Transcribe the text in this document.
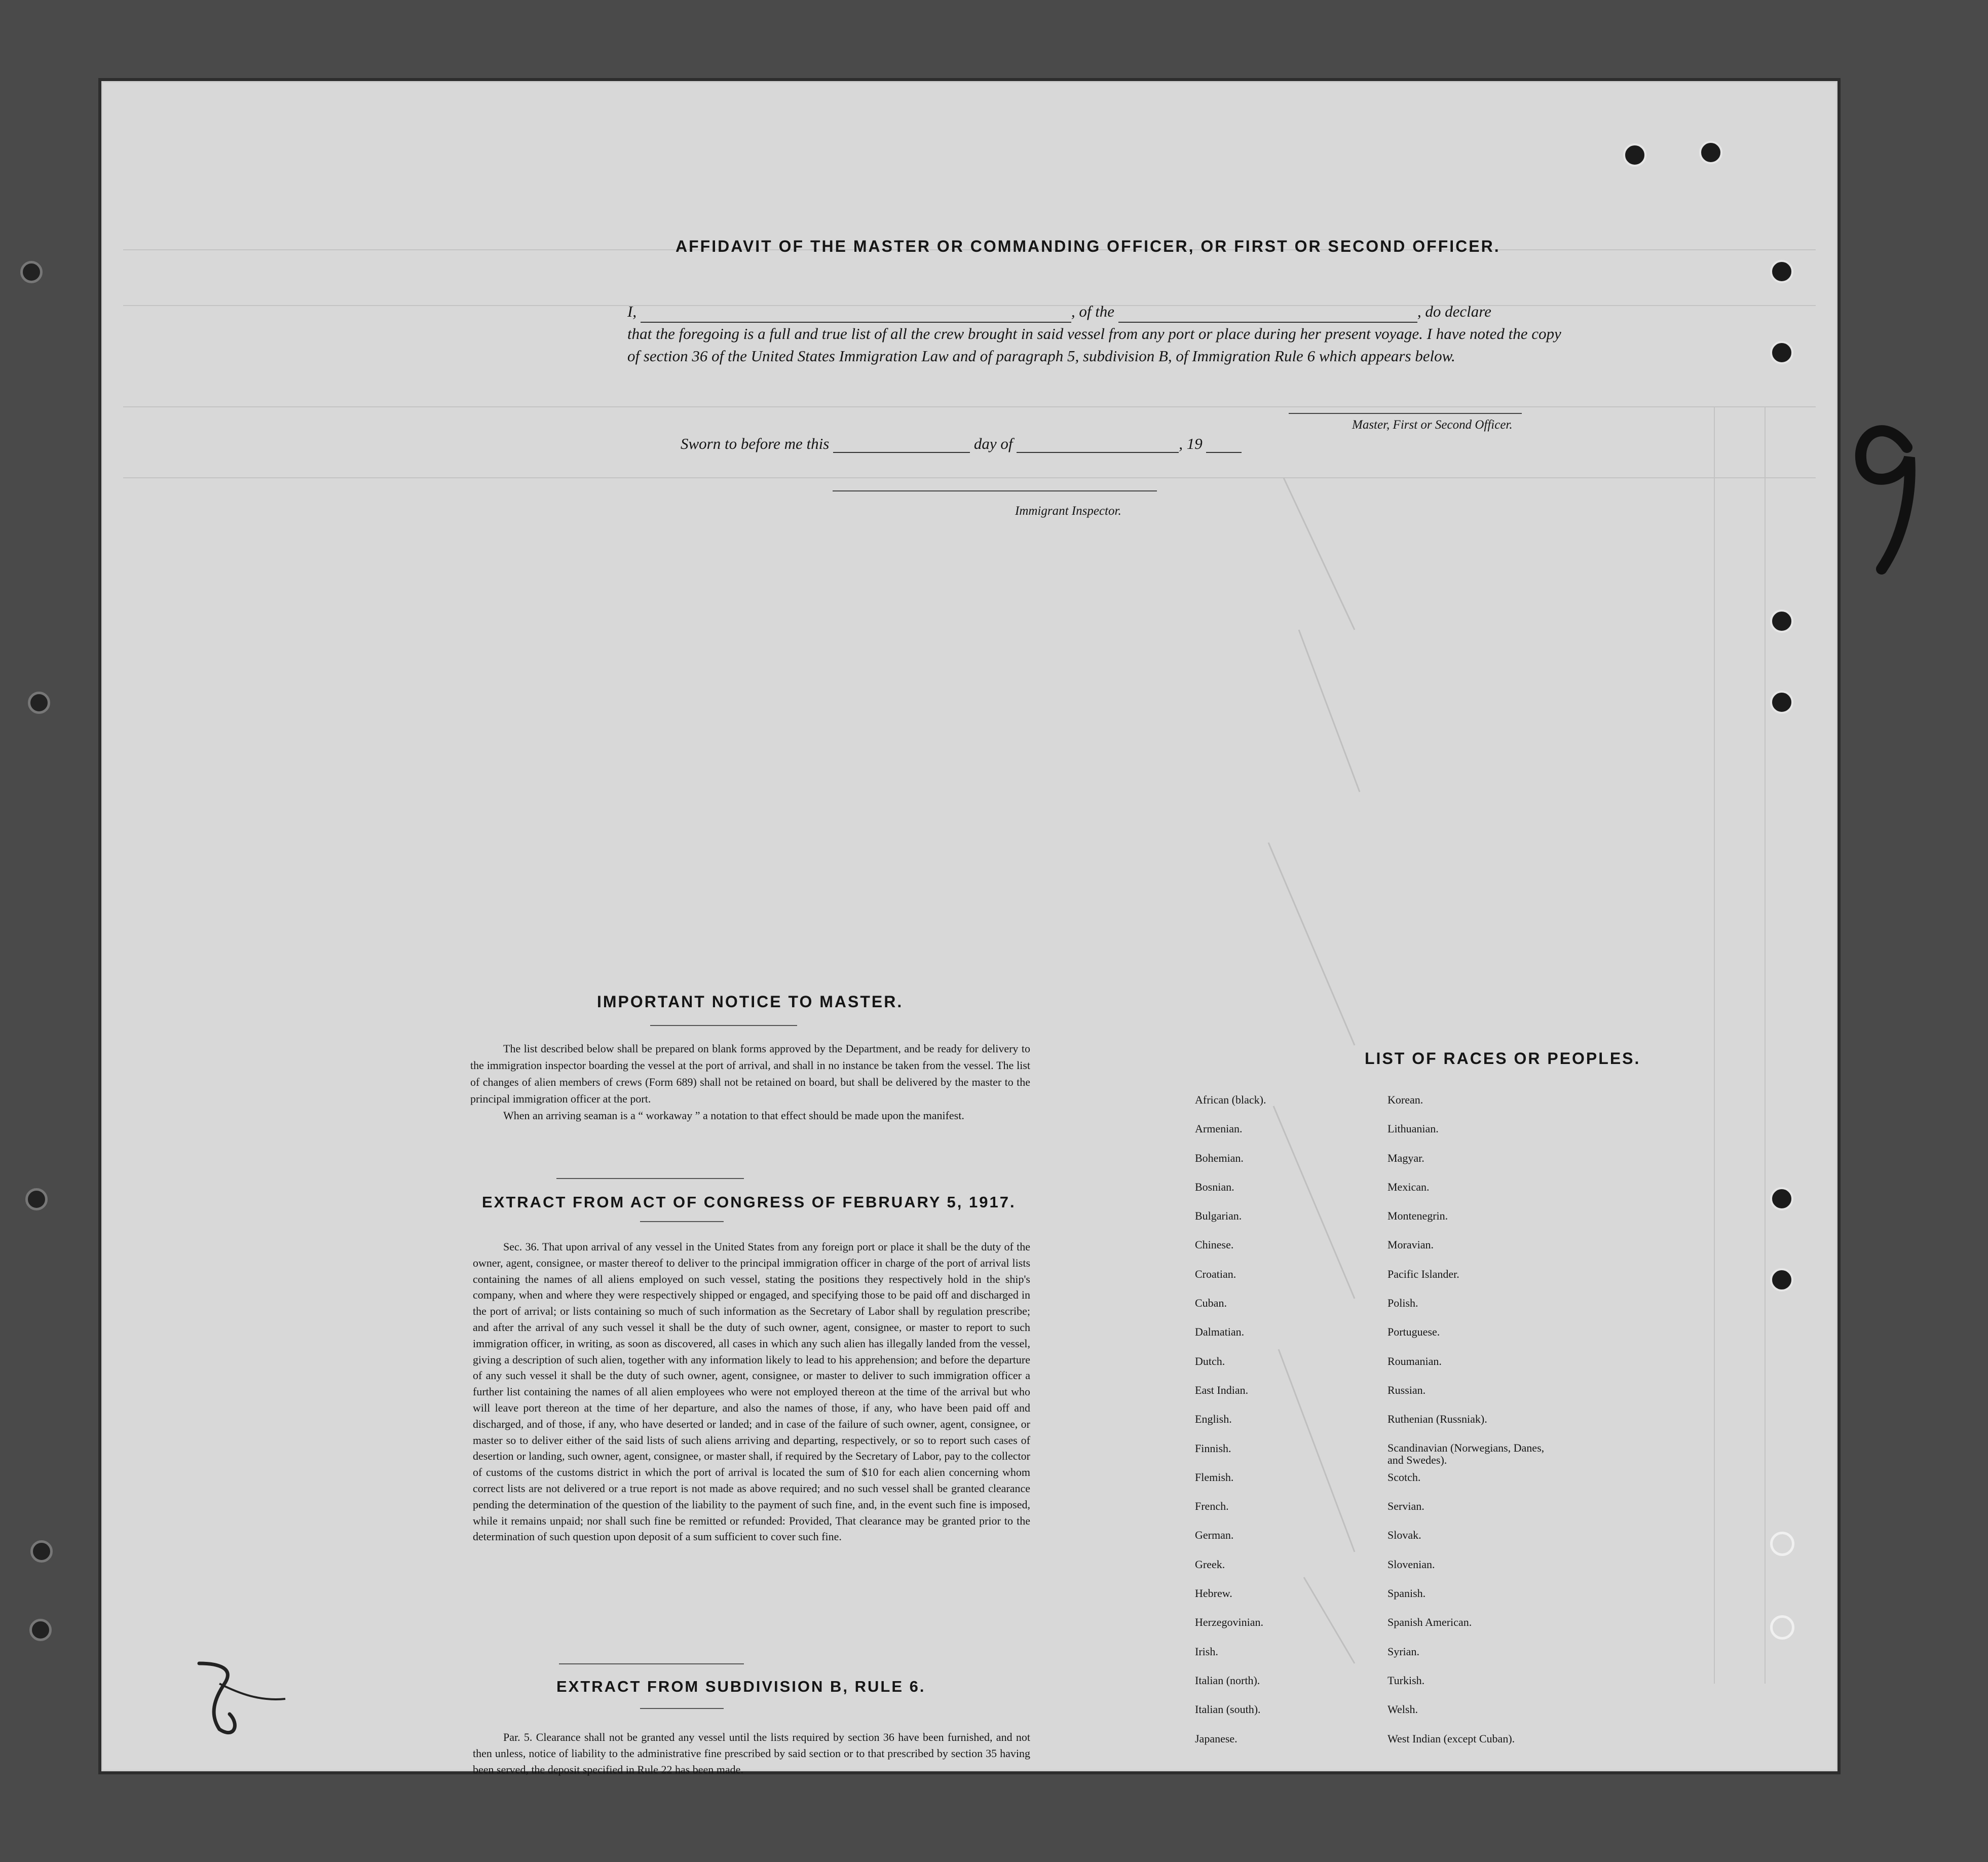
AFFIDAVIT OF THE MASTER OR COMMANDING OFFICER, OR FIRST OR SECOND OFFICER.
I,	, of the	, do declare
that the foregoing is a full and true list of all the crew brought in said vessel from any port or place during her present voyage. I have noted the copy of section 36 of the United States Immigration Law and of paragraph 5, subdivision B, of Immigration Rule 6 which appears below.
Master, First or Second Officer.
Sworn to before me this	day of	, 19
Immigrant Inspector.
IMPORTANT NOTICE TO MASTER.

The list described below shall be prepared on blank forms approved by the Department, and be ready for delivery to the immigration inspector boarding the vessel at the port of arrival, and shall in no instance be taken from the vessel. The list of changes of alien members of crews (Form 689) shall not be retained on board, but shall be delivered by the master to the principal immigration officer at the port.

When an arriving seaman is a “ workaway ” a notation to that effect should be made upon the manifest.

EXTRACT FROM ACT OF CONGRESS OF FEBRUARY 5, 1917.
Sec. 36. That upon arrival of any vessel in the United States from any foreign port or place it shall be the duty of the owner, agent, consignee, or master thereof to deliver to the principal immigration officer in charge of the port of arrival lists containing the names of all aliens employed on such vessel, stating the positions they respectively hold in the ship's company, when and where they were respectively shipped or engaged, and specifying those to be paid off and discharged in the port of arrival; or lists containing so much of such information as the Secretary of Labor shall by regulation prescribe; and after the arrival of any such vessel it shall be the duty of such owner, agent, consignee, or master to report to such immigration officer, in writing, as soon as discovered, all cases in which any such alien has illegally landed from the vessel, giving a description of such alien, together with any information likely to lead to his apprehension; and before the departure of any such vessel it shall be the duty of such owner, agent, consignee, or master to deliver to such immigration officer a further list containing the names of all alien employees who were not employed thereon at the time of the arrival but who will leave port thereon at the time of her departure, and also the names of those, if any, who have been paid off and discharged, and of those, if any, who have deserted or landed; and in case of the failure of such owner, agent, consignee, or master so to deliver either of the said lists of such aliens arriving and departing, respectively, or so to report such cases of desertion or landing, such owner, agent, consignee, or master shall, if required by the Secretary of Labor, pay to the collector of customs of the customs district in which the port of arrival is located the sum of $10 for each alien concerning whom correct lists are not delivered or a true report is not made as above required; and no such vessel shall be granted clearance pending the determination of the question of the liability to the payment of such fine, and, in the event such fine is imposed, while it remains unpaid; nor shall such fine be remitted or refunded: Provided, That clearance may be granted prior to the determination of such question upon deposit of a sum sufficient to cover such fine.
EXTRACT FROM SUBDIVISION B, RULE 6.
Par. 5. Clearance shall not be granted any vessel until the lists required by section 36 have been furnished, and not then unless, notice of liability to the administrative fine prescribed by said section or to that prescribed by section 35 having been served, the deposit specified in Rule 22 has been made.
LIST OF RACES OR PEOPLES.
African (black).
Armenian.
Bohemian.
Bosnian.
Bulgarian.
Chinese.
Croatian.
Cuban.
Dalmatian.
Dutch.
East Indian.
English.
Finnish.
Flemish.
French.
German.
Greek.
Hebrew.
Herzegovinian.
Irish.
Italian (north).
Italian (south).
Japanese.
Korean.
Lithuanian.
Magyar.
Mexican.
Montenegrin.
Moravian.
Pacific Islander.
Polish.
Portuguese.
Roumanian.
Russian.
Ruthenian (Russniak).
Scandinavian (Norwegians, Danes, and Swedes).
Scotch.
Servian.
Slovak.
Slovenian.
Spanish.
Spanish American.
Syrian.
Turkish.
Welsh.
West Indian (except Cuban).
